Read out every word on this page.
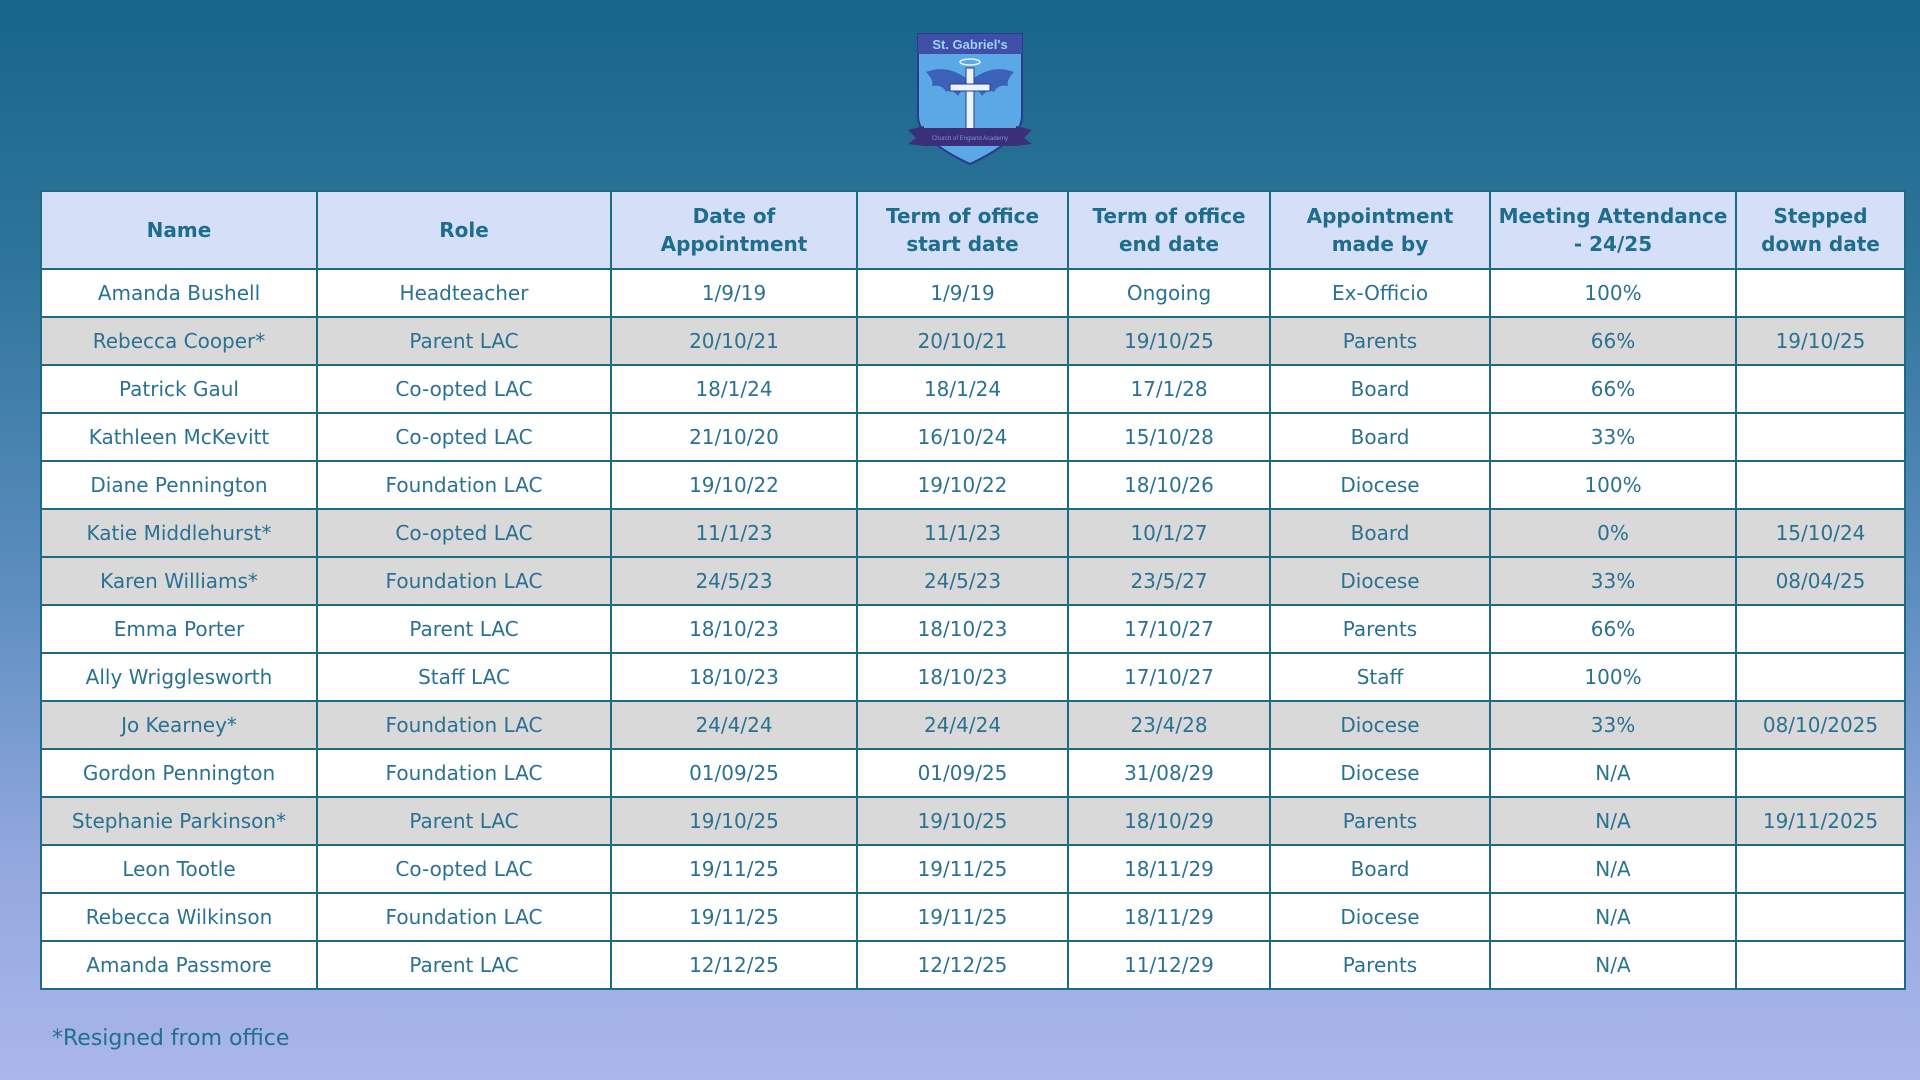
St. Gabriel's
Church of England Academy
Name	Role	Date of Appointment	Term of office start date	Term of office end date	Appointment made by	Meeting Attendance - 24/25	Stepped down date
Amanda Bushell	Headteacher	1/9/19	1/9/19	Ongoing	Ex-Officio	100%	
Rebecca Cooper*	Parent LAC	20/10/21	20/10/21	19/10/25	Parents	66%	19/10/25
Patrick Gaul	Co-opted LAC	18/1/24	18/1/24	17/1/28	Board	66%	
Kathleen McKevitt	Co-opted LAC	21/10/20	16/10/24	15/10/28	Board	33%	
Diane Pennington	Foundation LAC	19/10/22	19/10/22	18/10/26	Diocese	100%	
Katie Middlehurst*	Co-opted LAC	11/1/23	11/1/23	10/1/27	Board	0%	15/10/24
Karen Williams*	Foundation LAC	24/5/23	24/5/23	23/5/27	Diocese	33%	08/04/25
Emma Porter	Parent LAC	18/10/23	18/10/23	17/10/27	Parents	66%	
Ally Wrigglesworth	Staff LAC	18/10/23	18/10/23	17/10/27	Staff	100%	
Jo Kearney*	Foundation LAC	24/4/24	24/4/24	23/4/28	Diocese	33%	08/10/2025
Gordon Pennington	Foundation LAC	01/09/25	01/09/25	31/08/29	Diocese	N/A	
Stephanie Parkinson*	Parent LAC	19/10/25	19/10/25	18/10/29	Parents	N/A	19/11/2025
Leon Tootle	Co-opted LAC	19/11/25	19/11/25	18/11/29	Board	N/A	
Rebecca Wilkinson	Foundation LAC	19/11/25	19/11/25	18/11/29	Diocese	N/A	
Amanda Passmore	Parent LAC	12/12/25	12/12/25	11/12/29	Parents	N/A	
*Resigned from office
